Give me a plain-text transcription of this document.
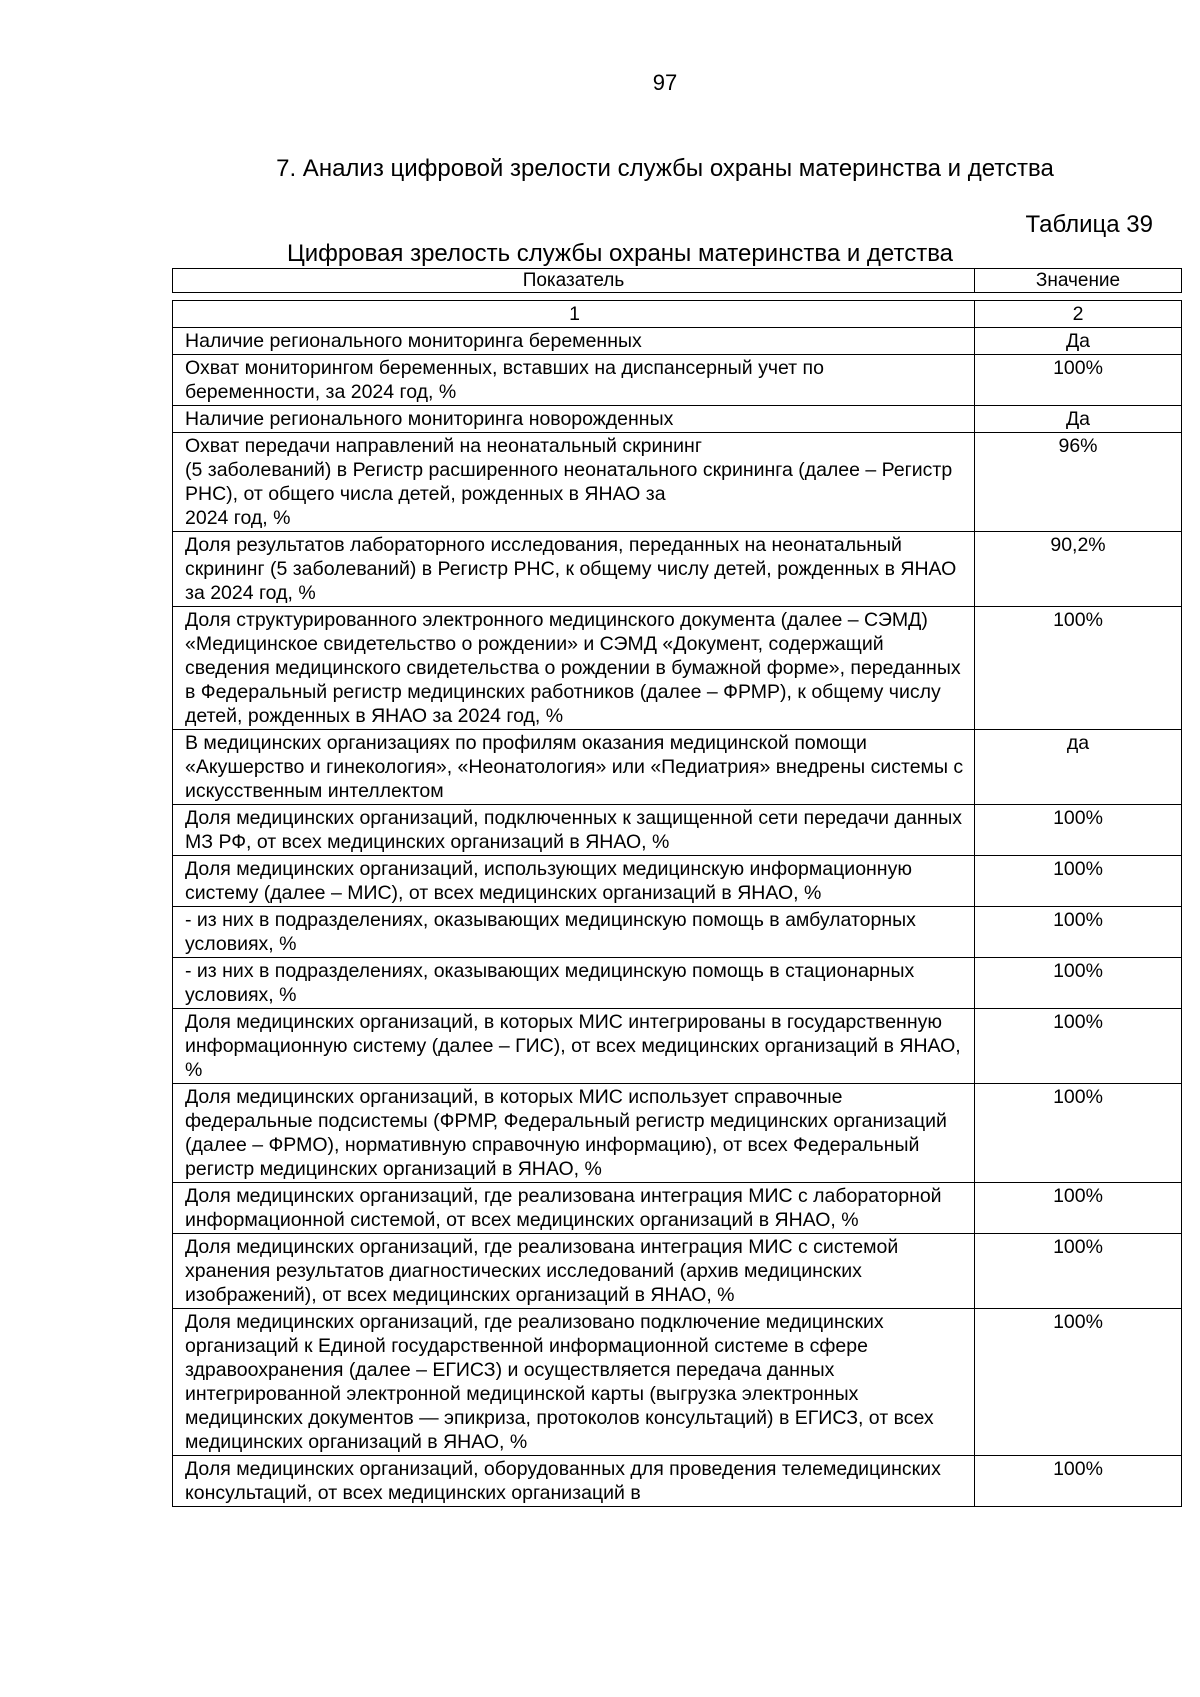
97
7. Анализ цифровой зрелости службы охраны материнства и детства
Таблица 39
Цифровая зрелость службы охраны материнства и детства
Показатель	Значение
1	2
Наличие регионального мониторинга беременных	Да
Охват мониторингом беременных, вставших на диспансерный учет по беременности, за 2024 год, %	100%
Наличие регионального мониторинга новорожденных	Да
Охват передачи направлений на неонатальный скрининг
(5 заболеваний) в Регистр расширенного неонатального скрининга (далее – Регистр РНС), от общего числа детей, рожденных в ЯНАО за
2024 год, %	96%
Доля результатов лабораторного исследования, переданных на неонатальный скрининг (5 заболеваний) в Регистр РНС, к общему числу детей, рожденных в ЯНАО за 2024 год, %	90,2%
Доля структурированного электронного медицинского документа (далее – СЭМД) «Медицинское свидетельство о рождении» и СЭМД «Документ, содержащий сведения медицинского свидетельства о рождении в бумажной форме», переданных в Федеральный регистр медицинских работников (далее – ФРМР), к общему числу детей, рожденных в ЯНАО за 2024 год, %	100%
В медицинских организациях по профилям оказания медицинской помощи «Акушерство и гинекология», «Неонатология» или «Педиатрия» внедрены системы с искусственным интеллектом	да
Доля медицинских организаций, подключенных к защищенной сети передачи данных МЗ РФ, от всех медицинских организаций в ЯНАО, %	100%
Доля медицинских организаций, использующих медицинскую информационную систему (далее – МИС), от всех медицинских организаций в ЯНАО, %	100%
- из них в подразделениях, оказывающих медицинскую помощь в амбулаторных условиях, %	100%
- из них в подразделениях, оказывающих медицинскую помощь в стационарных условиях, %	100%
Доля медицинских организаций, в которых МИС интегрированы в государственную информационную систему (далее – ГИС), от всех медицинских организаций в ЯНАО, %	100%
Доля медицинских организаций, в которых МИС использует справочные федеральные подсистемы (ФРМР, Федеральный регистр медицинских организаций (далее – ФРМО), нормативную справочную информацию), от всех Федеральный регистр медицинских организаций в ЯНАО, %	100%
Доля медицинских организаций, где реализована интеграция МИС с лабораторной информационной системой, от всех медицинских организаций в ЯНАО, %	100%
Доля медицинских организаций, где реализована интеграция МИС с системой хранения результатов диагностических исследований (архив медицинских изображений), от всех медицинских организаций в ЯНАО, %	100%
Доля медицинских организаций, где реализовано подключение медицинских организаций к Единой государственной информационной системе в сфере здравоохранения (далее – ЕГИСЗ) и осуществляется передача данных интегрированной электронной медицинской карты (выгрузка электронных медицинских документов — эпикриза, протоколов консультаций) в ЕГИСЗ, от всех медицинских организаций в ЯНАО, %	100%
Доля медицинских организаций, оборудованных для проведения телемедицинских консультаций, от всех медицинских организаций в	100%
